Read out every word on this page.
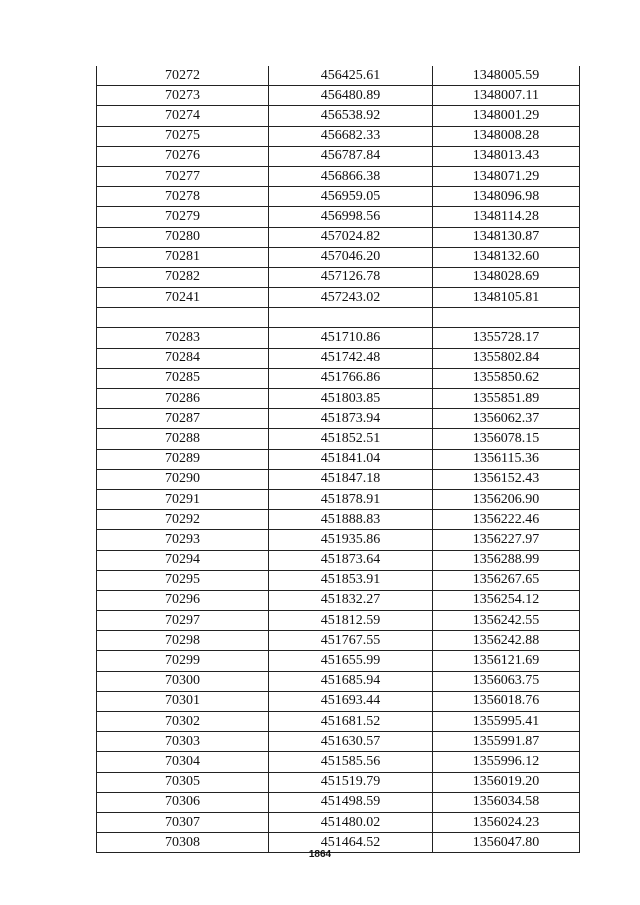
70272	456425.61	1348005.59
70273	456480.89	1348007.11
70274	456538.92	1348001.29
70275	456682.33	1348008.28
70276	456787.84	1348013.43
70277	456866.38	1348071.29
70278	456959.05	1348096.98
70279	456998.56	1348114.28
70280	457024.82	1348130.87
70281	457046.20	1348132.60
70282	457126.78	1348028.69
70241	457243.02	1348105.81

70283	451710.86	1355728.17
70284	451742.48	1355802.84
70285	451766.86	1355850.62
70286	451803.85	1355851.89
70287	451873.94	1356062.37
70288	451852.51	1356078.15
70289	451841.04	1356115.36
70290	451847.18	1356152.43
70291	451878.91	1356206.90
70292	451888.83	1356222.46
70293	451935.86	1356227.97
70294	451873.64	1356288.99
70295	451853.91	1356267.65
70296	451832.27	1356254.12
70297	451812.59	1356242.55
70298	451767.55	1356242.88
70299	451655.99	1356121.69
70300	451685.94	1356063.75
70301	451693.44	1356018.76
70302	451681.52	1355995.41
70303	451630.57	1355991.87
70304	451585.56	1355996.12
70305	451519.79	1356019.20
70306	451498.59	1356034.58
70307	451480.02	1356024.23
70308	451464.52	1356047.80
1864
